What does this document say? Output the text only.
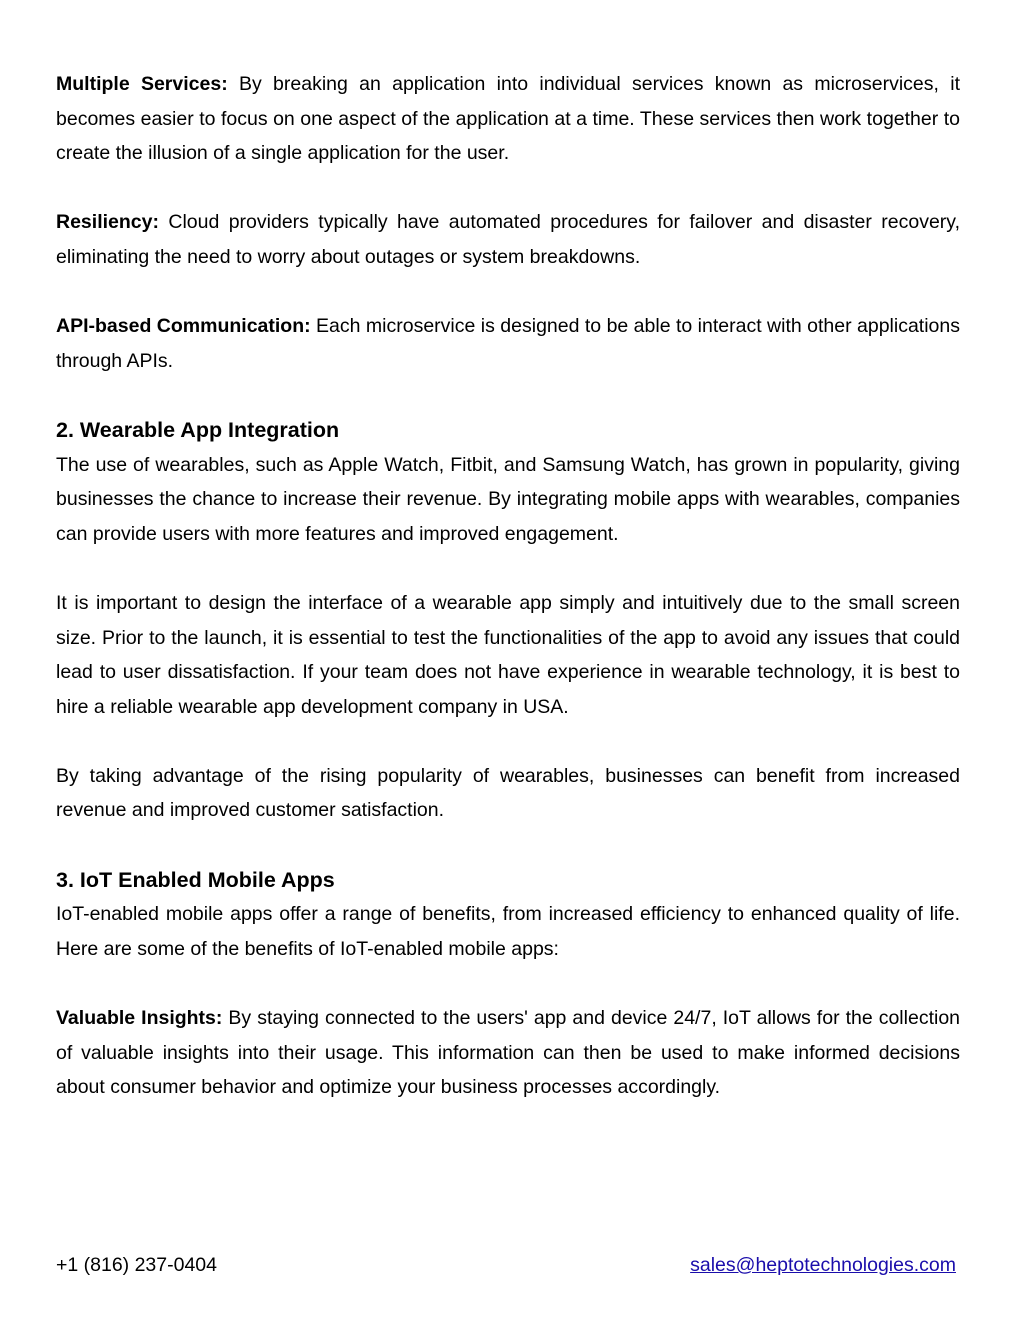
Multiple Services: By breaking an application into individual services known as microservices, it becomes easier to focus on one aspect of the application at a time. These services then work together to create the illusion of a single application for the user.

Resiliency: Cloud providers typically have automated procedures for failover and disaster recovery, eliminating the need to worry about outages or system breakdowns.

API-based Communication: Each microservice is designed to be able to interact with other applications through APIs.

2. Wearable App Integration

The use of wearables, such as Apple Watch, Fitbit, and Samsung Watch, has grown in popularity, giving businesses the chance to increase their revenue. By integrating mobile apps with wearables, companies can provide users with more features and improved engagement.

It is important to design the interface of a wearable app simply and intuitively due to the small screen size. Prior to the launch, it is essential to test the functionalities of the app to avoid any issues that could lead to user dissatisfaction. If your team does not have experience in wearable technology, it is best to hire a reliable wearable app development company in USA.

By taking advantage of the rising popularity of wearables, businesses can benefit from increased revenue and improved customer satisfaction.

3. IoT Enabled Mobile Apps

IoT-enabled mobile apps offer a range of benefits, from increased efficiency to enhanced quality of life. Here are some of the benefits of IoT-enabled mobile apps:

Valuable Insights: By staying connected to the users' app and device 24/7, IoT allows for the collection of valuable insights into their usage. This information can then be used to make informed decisions about consumer behavior and optimize your business processes accordingly.

+1 (816) 237-0404	sales@heptotechnologies.com
